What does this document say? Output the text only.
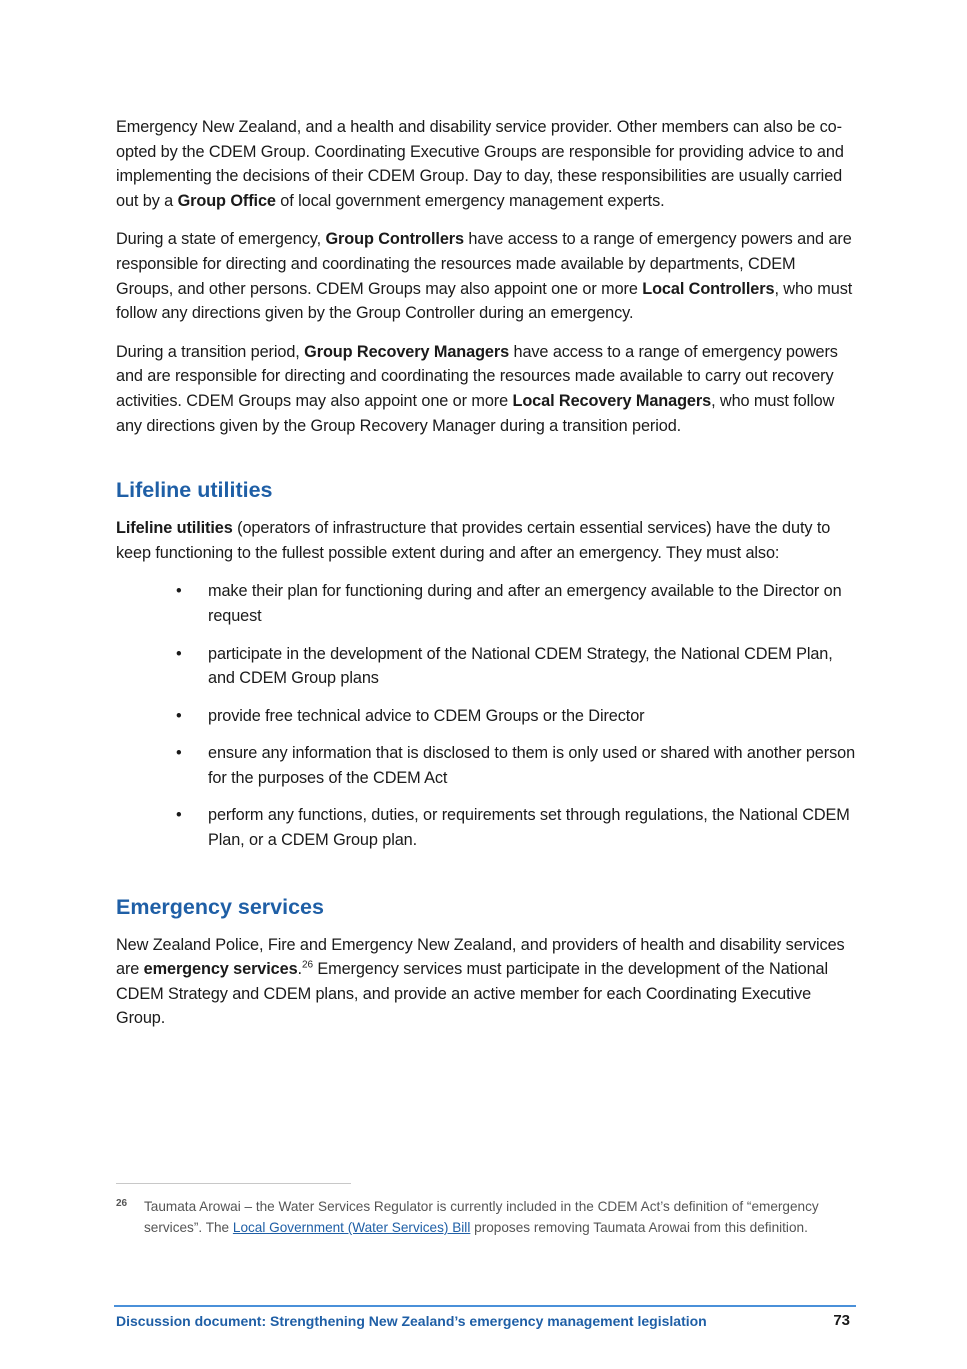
Emergency New Zealand, and a health and disability service provider. Other members can also be co-opted by the CDEM Group. Coordinating Executive Groups are responsible for providing advice to and implementing the decisions of their CDEM Group. Day to day, these responsibilities are usually carried out by a Group Office of local government emergency management experts.

During a state of emergency, Group Controllers have access to a range of emergency powers and are responsible for directing and coordinating the resources made available by departments, CDEM Groups, and other persons. CDEM Groups may also appoint one or more Local Controllers, who must follow any directions given by the Group Controller during an emergency.

During a transition period, Group Recovery Managers have access to a range of emergency powers and are responsible for directing and coordinating the resources made available to carry out recovery activities. CDEM Groups may also appoint one or more Local Recovery Managers, who must follow any directions given by the Group Recovery Manager during a transition period.

Lifeline utilities

Lifeline utilities (operators of infrastructure that provides certain essential services) have the duty to keep functioning to the fullest possible extent during and after an emergency. They must also:

• make their plan for functioning during and after an emergency available to the Director on request
• participate in the development of the National CDEM Strategy, the National CDEM Plan, and CDEM Group plans
• provide free technical advice to CDEM Groups or the Director
• ensure any information that is disclosed to them is only used or shared with another person for the purposes of the CDEM Act
• perform any functions, duties, or requirements set through regulations, the National CDEM Plan, or a CDEM Group plan.
Emergency services

New Zealand Police, Fire and Emergency New Zealand, and providers of health and disability services are emergency services.$^{26}$ Emergency services must participate in the development of the National CDEM Strategy and CDEM plans, and provide an active member for each Coordinating Executive Group.

26 Taumata Arowai – the Water Services Regulator is currently included in the CDEM Act’s definition of “emergency services”. The Local Government (Water Services) Bill proposes removing Taumata Arowai from this definition.
Discussion document: Strengthening New Zealand’s emergency management legislation	73
